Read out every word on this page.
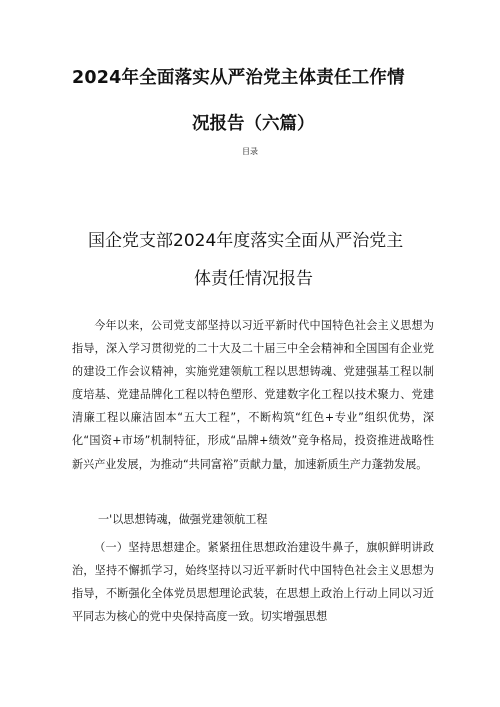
2024年全面落实从严治党主体责任工作情
况报告（六篇）
目录
国企党支部2024年度落实全面从严治党主
体责任情况报告
今年以来，公司党支部坚持以习近平新时代中国特色社会主义思想为指导，深入学习贯彻党的二十大及二十届三中全会精神和全国国有企业党的建设工作会议精神，实施党建领航工程以思想铸魂、党建强基工程以制度培基、党建品牌化工程以特色塑形、党建数字化工程以技术聚力、党建清廉工程以廉洁固本“五大工程”，不断构筑“红色+专业”组织优势，深化“国资+市场”机制特征，形成“品牌+绩效”竞争格局，投资推进战略性新兴产业发展，为推动“共同富裕”贡献力量，加速新质生产力蓬勃发展。
一'以思想铸魂，做强党建领航工程
（一）坚持思想建企。紧紧扭住思想政治建设牛鼻子，旗帜鲜明讲政治，坚持不懈抓学习，始终坚持以习近平新时代中国特色社会主义思想为指导，不断强化全体党员思想理论武装，在思想上政治上行动上同以习近平同志为核心的党中央保持高度一致。切实增强思想
